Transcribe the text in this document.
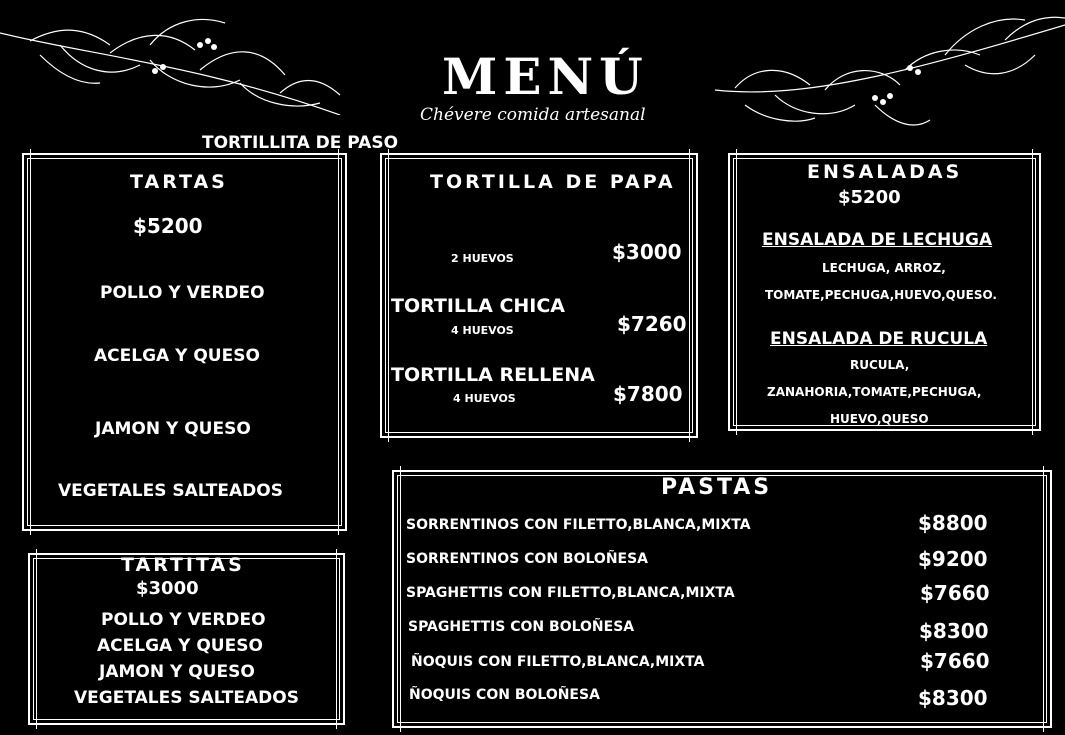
MENÚ
Chévere comida artesanal
TORTILLITA DE PASO
TARTAS
$5200
POLLO Y VERDEO
ACELGA Y QUESO
JAMON Y QUESO
VEGETALES SALTEADOS
TARTITAS
$3000
POLLO Y VERDEO
ACELGA Y QUESO
JAMON Y QUESO
VEGETALES SALTEADOS
TORTILLA DE PAPA
2 HUEVOS	$3000
TORTILLA CHICA
4 HUEVOS	$7260
TORTILLA RELLENA
4 HUEVOS	$7800
ENSALADAS
$5200
ENSALADA DE LECHUGA
LECHUGA, ARROZ,
TOMATE,PECHUGA,HUEVO,QUESO.
ENSALADA DE RUCULA
RUCULA,
ZANAHORIA,TOMATE,PECHUGA,
HUEVO,QUESO
PASTAS
SORRENTINOS CON FILETTO,BLANCA,MIXTA	$8800
SORRENTINOS CON BOLOÑESA	$9200
SPAGHETTIS CON FILETTO,BLANCA,MIXTA	$7660
SPAGHETTIS CON BOLOÑESA	$8300
ÑOQUIS CON FILETTO,BLANCA,MIXTA	$7660
ÑOQUIS CON BOLOÑESA	$8300
